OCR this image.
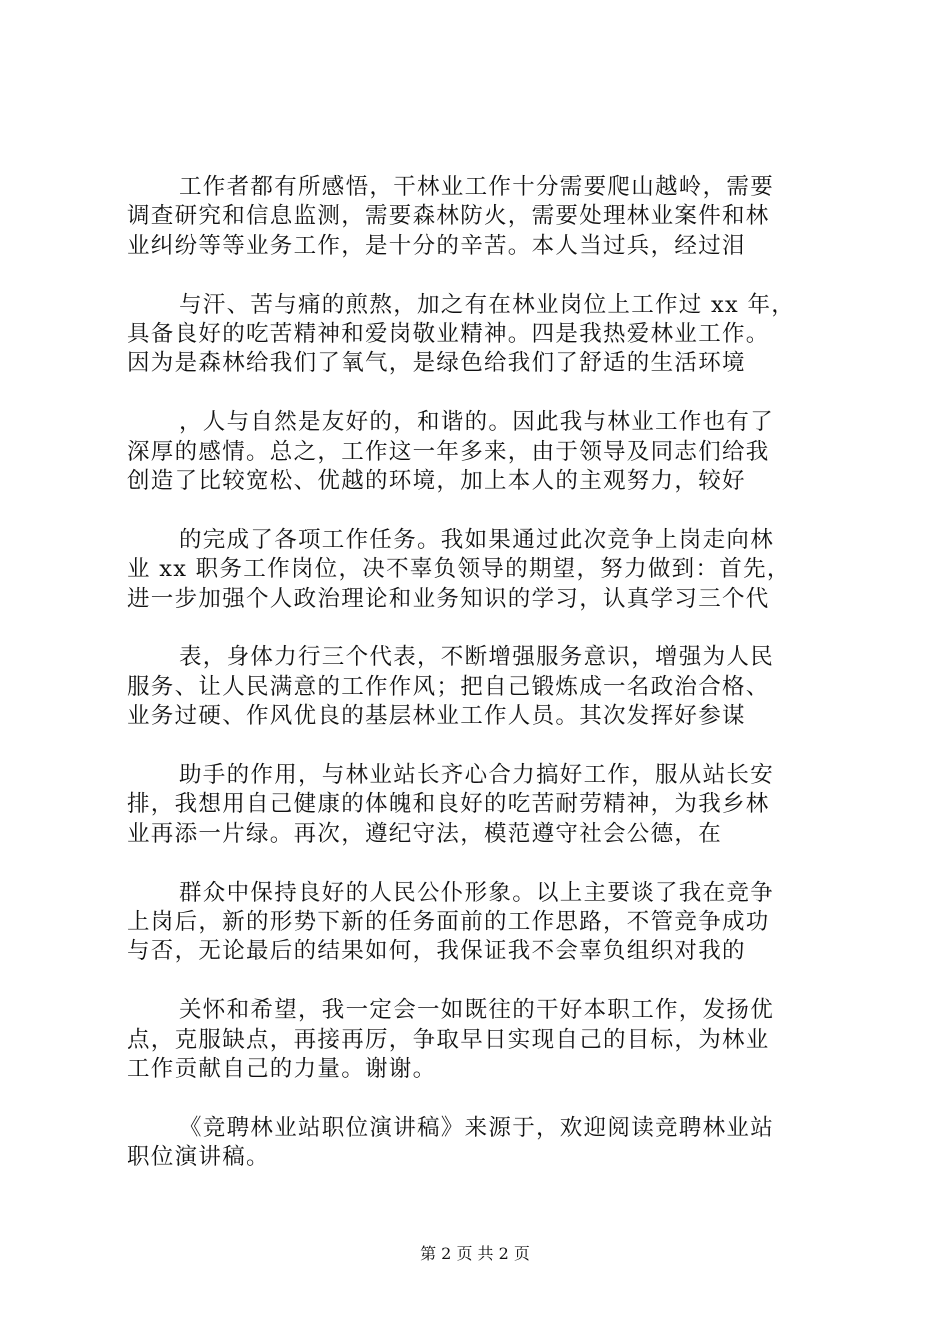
工作者都有所感悟，干林业工作十分需要爬山越岭，需要
调查研究和信息监测，需要森林防火，需要处理林业案件和林
业纠纷等等业务工作，是十分的辛苦。本人当过兵，经过泪

与汗、苦与痛的煎熬，加之有在林业岗位上工作过 xx 年，
具备良好的吃苦精神和爱岗敬业精神。四是我热爱林业工作。
因为是森林给我们了氧气，是绿色给我们了舒适的生活环境

，人与自然是友好的，和谐的。因此我与林业工作也有了
深厚的感情。总之，工作这一年多来，由于领导及同志们给我
创造了比较宽松、优越的环境，加上本人的主观努力，较好

的完成了各项工作任务。我如果通过此次竞争上岗走向林
业 xx 职务工作岗位，决不辜负领导的期望，努力做到：首先，
进一步加强个人政治理论和业务知识的学习，认真学习三个代

表，身体力行三个代表，不断增强服务意识，增强为人民
服务、让人民满意的工作作风；把自己锻炼成一名政治合格、
业务过硬、作风优良的基层林业工作人员。其次发挥好参谋

助手的作用，与林业站长齐心合力搞好工作，服从站长安
排，我想用自己健康的体魄和良好的吃苦耐劳精神，为我乡林
业再添一片绿。再次，遵纪守法，模范遵守社会公德，在

群众中保持良好的人民公仆形象。以上主要谈了我在竞争
上岗后，新的形势下新的任务面前的工作思路，不管竞争成功
与否，无论最后的结果如何，我保证我不会辜负组织对我的

关怀和希望，我一定会一如既往的干好本职工作，发扬优
点，克服缺点，再接再厉，争取早日实现自己的目标，为林业
工作贡献自己的力量。谢谢。

《竞聘林业站职位演讲稿》来源于，欢迎阅读竞聘林业站
职位演讲稿。

第 2 页 共 2 页
